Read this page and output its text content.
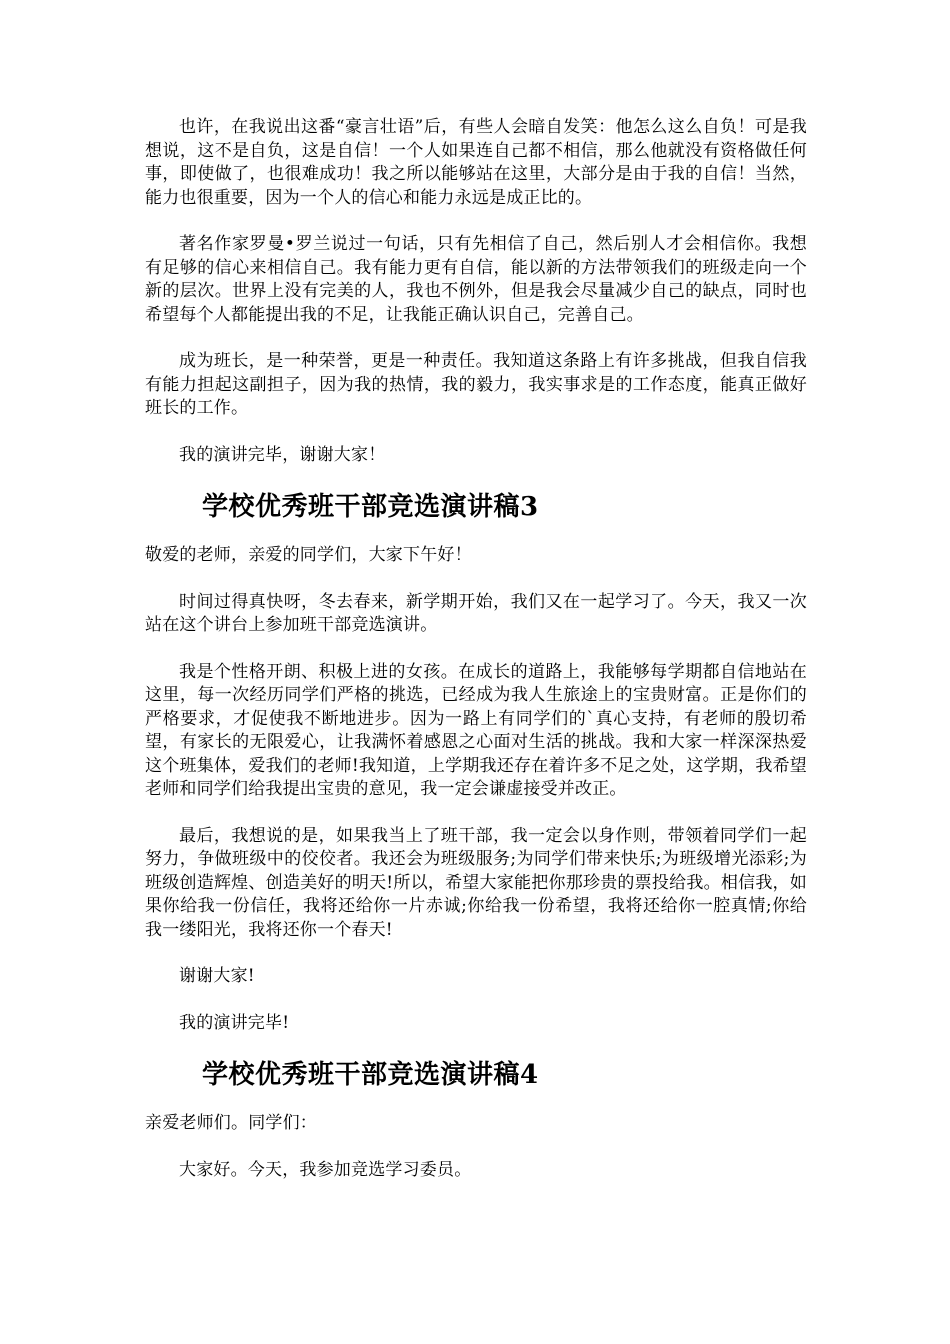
也许，在我说出这番“豪言壮语”后，有些人会暗自发笑：他怎么这么自负！可是我想说，这不是自负，这是自信！一个人如果连自己都不相信，那么他就没有资格做任何事，即使做了，也很难成功！我之所以能够站在这里，大部分是由于我的自信！当然，能力也很重要，因为一个人的信心和能力永远是成正比的。

著名作家罗曼•罗兰说过一句话，只有先相信了自己，然后别人才会相信你。我想有足够的信心来相信自己。我有能力更有自信，能以新的方法带领我们的班级走向一个新的层次。世界上没有完美的人，我也不例外，但是我会尽量减少自己的缺点，同时也希望每个人都能提出我的不足，让我能正确认识自己，完善自己。

成为班长，是一种荣誉，更是一种责任。我知道这条路上有许多挑战，但我自信我有能力担起这副担子，因为我的热情，我的毅力，我实事求是的工作态度，能真正做好班长的工作。

我的演讲完毕，谢谢大家！

学校优秀班干部竞选演讲稿3

敬爱的老师，亲爱的同学们，大家下午好！

时间过得真快呀，冬去春来，新学期开始，我们又在一起学习了。今天，我又一次站在这个讲台上参加班干部竞选演讲。

我是个性格开朗、积极上进的女孩。在成长的道路上，我能够每学期都自信地站在这里，每一次经历同学们严格的挑选，已经成为我人生旅途上的宝贵财富。正是你们的严格要求，才促使我不断地进步。因为一路上有同学们的`真心支持，有老师的殷切希望，有家长的无限爱心，让我满怀着感恩之心面对生活的挑战。我和大家一样深深热爱这个班集体，爱我们的老师!我知道，上学期我还存在着许多不足之处，这学期，我希望老师和同学们给我提出宝贵的意见，我一定会谦虚接受并改正。

最后，我想说的是，如果我当上了班干部，我一定会以身作则，带领着同学们一起努力，争做班级中的佼佼者。我还会为班级服务;为同学们带来快乐;为班级增光添彩;为班级创造辉煌、创造美好的明天!所以，希望大家能把你那珍贵的票投给我。相信我，如果你给我一份信任，我将还给你一片赤诚;你给我一份希望，我将还给你一腔真情;你给我一缕阳光，我将还你一个春天!

谢谢大家!

我的演讲完毕!

学校优秀班干部竞选演讲稿4

亲爱老师们。同学们：

大家好。今天，我参加竞选学习委员。
